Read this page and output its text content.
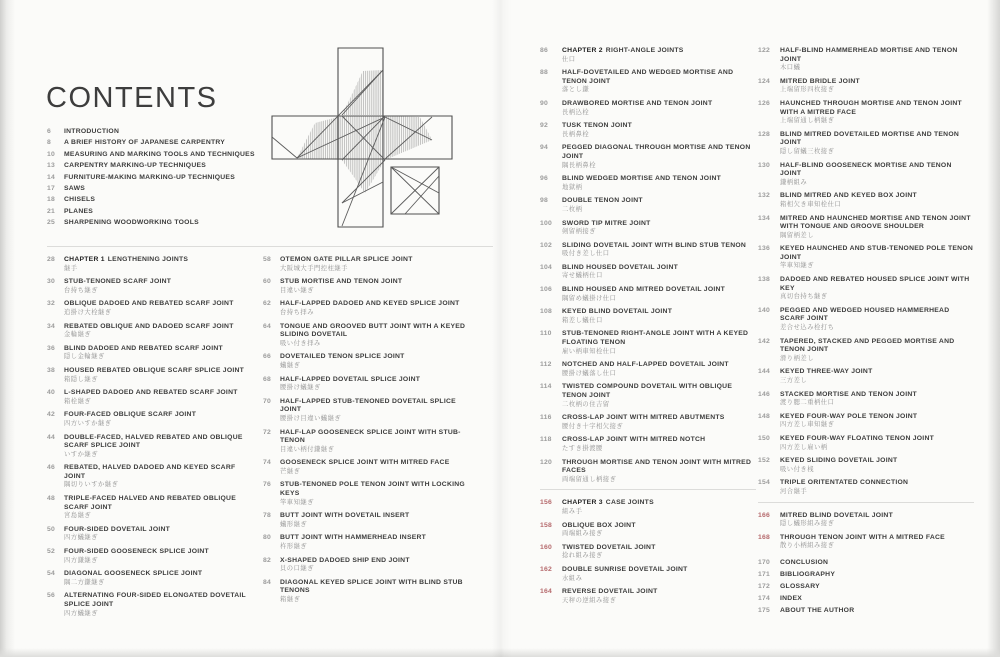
CONTENTS
6	INTRODUCTION
8	A BRIEF HISTORY OF JAPANESE CARPENTRY
10	MEASURING AND MARKING TOOLS AND TECHNIQUES
13	CARPENTRY MARKING-UP TECHNIQUES
14	FURNITURE-MAKING MARKING-UP TECHNIQUES
17	SAWS
18	CHISELS
21	PLANES
25	SHARPENING WOODWORKING TOOLS
28	CHAPTER 1 LENGTHENING JOINTS
継手
30	STUB-TENONED SCARF JOINT
台持ち継ぎ
32	OBLIQUE DADOED AND REBATED SCARF JOINT
追掛け大栓継ぎ
34	REBATED OBLIQUE AND DADOED SCARF JOINT
金輪継ぎ
36	BLIND DADOED AND REBATED SCARF JOINT
隠し金輪継ぎ
38	HOUSED REBATED OBLIQUE SCARF SPLICE JOINT
箱隠し継ぎ
40	L-SHAPED DADOED AND REBATED SCARF JOINT
箱栓継ぎ
42	FOUR-FACED OBLIQUE SCARF JOINT
四方いすか継ぎ
44	DOUBLE-FACED, HALVED REBATED AND OBLIQUE SCARF SPLICE JOINT
いすか継ぎ
46	REBATED, HALVED DADOED AND KEYED SCARF JOINT
隅切りいすか継ぎ
48	TRIPLE-FACED HALVED AND REBATED OBLIQUE SCARF JOINT
宮島継ぎ
50	FOUR-SIDED DOVETAIL JOINT
四方蟻継ぎ
52	FOUR-SIDED GOOSENECK SPLICE JOINT
四方鎌継ぎ
54	DIAGONAL GOOSENECK SPLICE JOINT
隅二方鎌継ぎ
56	ALTERNATING FOUR-SIDED ELONGATED DOVETAIL SPLICE JOINT
四方蟻継ぎ
58	OTEMON GATE PILLAR SPLICE JOINT
大阪城大手門控柱継手
60	STUB MORTISE AND TENON JOINT
目違い継ぎ
62	HALF-LAPPED DADOED AND KEYED SPLICE JOINT
台持ち拝み
64	TONGUE AND GROOVED BUTT JOINT WITH A KEYED SLIDING DOVETAIL
吸い付き拝み
66	DOVETAILED TENON SPLICE JOINT
蟻継ぎ
68	HALF-LAPPED DOVETAIL SPLICE JOINT
腰掛け蟻継ぎ
70	HALF-LAPPED STUB-TENONED DOVETAIL SPLICE JOINT
腰掛け目違い蟻継ぎ
72	HALF-LAP GOOSENECK SPLICE JOINT WITH STUB-TENON
目違い柄付鎌継ぎ
74	GOOSENECK SPLICE JOINT WITH MITRED FACE
芒継ぎ
76	STUB-TENONED POLE TENON JOINT WITH LOCKING KEYS
竿車知継ぎ
78	BUTT JOINT WITH DOVETAIL INSERT
蟻形継ぎ
80	BUTT JOINT WITH HAMMERHEAD INSERT
杵形継ぎ
82	X-SHAPED DADOED SHIP END JOINT
貝の口継ぎ
84	DIAGONAL KEYED SPLICE JOINT WITH BLIND STUB TENONS
箱継ぎ
86	CHAPTER 2 RIGHT-ANGLE JOINTS
仕口
88	HALF-DOVETAILED AND WEDGED MORTISE AND TENON JOINT
落とし鎌
90	DRAWBORED MORTISE AND TENON JOINT
長柄込栓
92	TUSK TENON JOINT
長柄鼻栓
94	PEGGED DIAGONAL THROUGH MORTISE AND TENON JOINT
隅長柄鼻栓
96	BLIND WEDGED MORTISE AND TENON JOINT
地獄柄
98	DOUBLE TENON JOINT
二枚柄
100	SWORD TIP MITRE JOINT
剣留柄接ぎ
102	SLIDING DOVETAIL JOINT WITH BLIND STUB TENON
吸付き差し仕口
104	BLIND HOUSED DOVETAIL JOINT
寄せ蟻柄仕口
106	BLIND HOUSED AND MITRED DOVETAIL JOINT
隅留め蟻掛け仕口
108	KEYED BLIND DOVETAIL JOINT
箱差し蟻仕口
110	STUB-TENONED RIGHT-ANGLE JOINT WITH A KEYED FLOATING TENON
雇い柄車知栓仕口
112	NOTCHED AND HALF-LAPPED DOVETAIL JOINT
腰掛け蟻落し仕口
114	TWISTED COMPOUND DOVETAIL WITH OBLIQUE TENON JOINT
二枚柄の住吉留
116	CROSS-LAP JOINT WITH MITRED ABUTMENTS
腰付き十字相欠接ぎ
118	CROSS-LAP JOINT WITH MITRED NOTCH
たすき掛渡腰
120	THROUGH MORTISE AND TENON JOINT WITH MITRED FACES
両端留通し柄接ぎ
156	CHAPTER 3 CASE JOINTS
組み手
158	OBLIQUE BOX JOINT
両端組み接ぎ
160	TWISTED DOVETAIL JOINT
捻れ組み接ぎ
162	DOUBLE SUNRISE DOVETAIL JOINT
水組み
164	REVERSE DOVETAIL JOINT
天秤の逆組み接ぎ
122	HALF-BLIND HAMMERHEAD MORTISE AND TENON JOINT
木口蟻
124	MITRED BRIDLE JOINT
上端留形四枚接ぎ
126	HAUNCHED THROUGH MORTISE AND TENON JOINT WITH A MITRED FACE
上端留通し柄継ぎ
128	BLIND MITRED DOVETAILED MORTISE AND TENON JOINT
隠し留蟻三枚接ぎ
130	HALF-BLIND GOOSENECK MORTISE AND TENON JOINT
鎌柄組み
132	BLIND MITRED AND KEYED BOX JOINT
箱相欠き車知栓仕口
134	MITRED AND HAUNCHED MORTISE AND TENON JOINT WITH TONGUE AND GROOVE SHOULDER
隅留柄差し
136	KEYED HAUNCHED AND STUB-TENONED POLE TENON JOINT
竿車知継ぎ
138	DADOED AND REBATED HOUSED SPLICE JOINT WITH KEY
真切台持ち継ぎ
140	PEGGED AND WEDGED HOUSED HAMMERHEAD SCARF JOINT
差合せ込み栓打ち
142	TAPERED, STACKED AND PEGGED MORTISE AND TENON JOINT
滑り柄差し
144	KEYED THREE-WAY JOINT
三方差し
146	STACKED MORTISE AND TENON JOINT
渡り腮二重柄仕口
148	KEYED FOUR-WAY POLE TENON JOINT
四方差し車知継ぎ
150	KEYED FOUR-WAY FLOATING TENON JOINT
四方差し雇い柄
152	KEYED SLIDING DOVETAIL JOINT
吸い付き桟
154	TRIPLE ORITENTATED CONNECTION
河合継手
166	MITRED BLIND DOVETAIL JOINT
隠し蟻形組み接ぎ
168	THROUGH TENON JOINT WITH A MITRED FACE
散り小柄組み接ぎ
170	CONCLUSION
171	BIBLIOGRAPHY
172	GLOSSARY
174	INDEX
175	ABOUT THE AUTHOR
